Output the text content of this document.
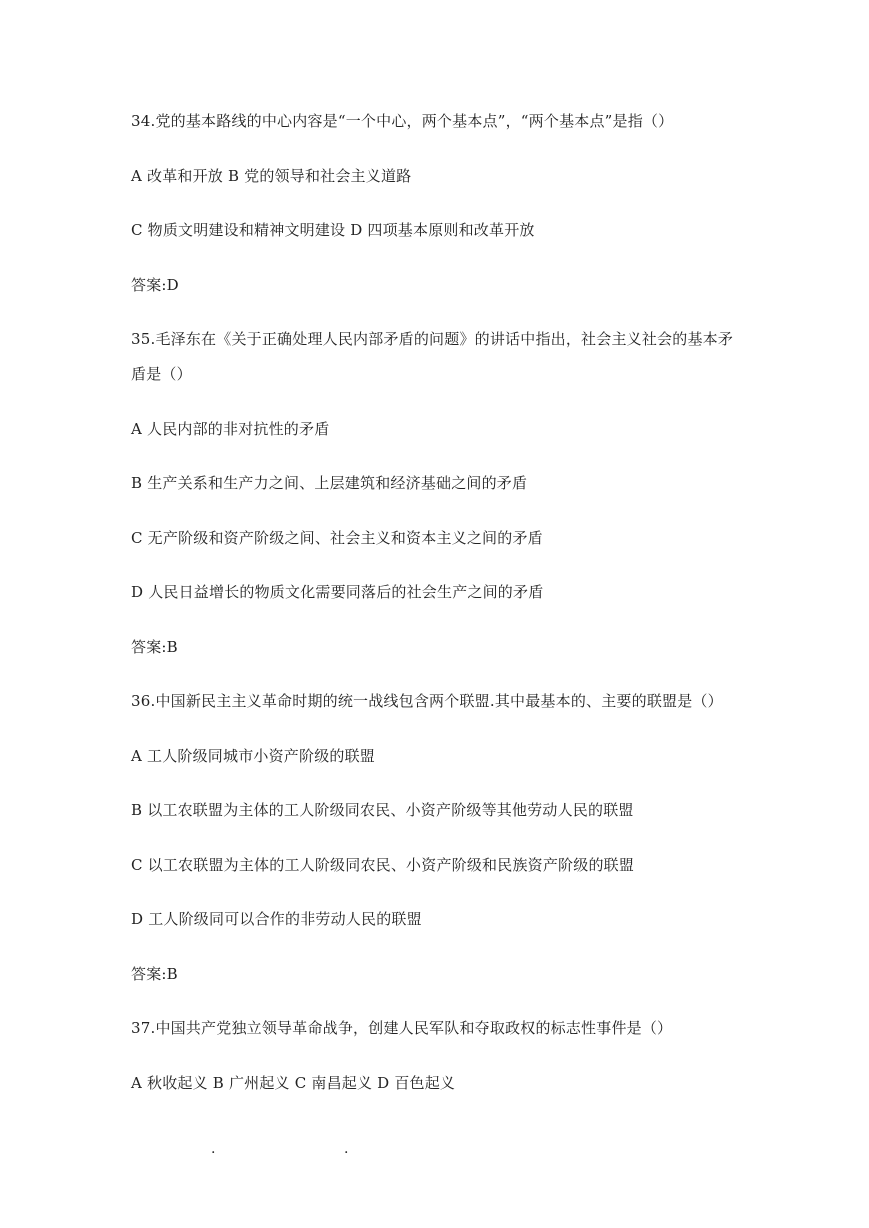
34.党的基本路线的中心内容是“一个中心，两个基本点”，“两个基本点”是指（）
A 改革和开放 B 党的领导和社会主义道路
C 物质文明建设和精神文明建设 D 四项基本原则和改革开放
答案:D
35.毛泽东在《关于正确处理人民内部矛盾的问题》的讲话中指出，社会主义社会的基本矛
盾是（）
A 人民内部的非对抗性的矛盾
B 生产关系和生产力之间、上层建筑和经济基础之间的矛盾
C 无产阶级和资产阶级之间、社会主义和资本主义之间的矛盾
D 人民日益增长的物质文化需要同落后的社会生产之间的矛盾
答案:B
36.中国新民主主义革命时期的统一战线包含两个联盟.其中最基本的、主要的联盟是（）
A 工人阶级同城市小资产阶级的联盟
B 以工农联盟为主体的工人阶级同农民、小资产阶级等其他劳动人民的联盟
C 以工农联盟为主体的工人阶级同农民、小资产阶级和民族资产阶级的联盟
D 工人阶级同可以合作的非劳动人民的联盟
答案:B
37.中国共产党独立领导革命战争，创建人民军队和夺取政权的标志性事件是（）
A 秋收起义 B 广州起义 C 南昌起义 D 百色起义
.	.
